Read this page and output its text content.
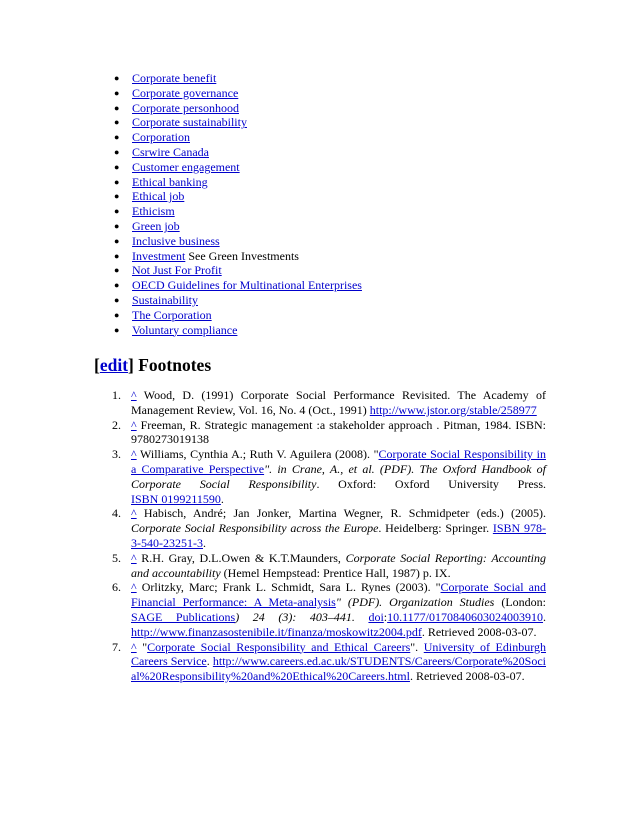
● Corporate benefit
● Corporate governance
● Corporate personhood
● Corporate sustainability
● Corporation
● Csrwire Canada
● Customer engagement
● Ethical banking
● Ethical job
● Ethicism
● Green job
● Inclusive business
● Investment See Green Investments
● Not Just For Profit
● OECD Guidelines for Multinational Enterprises
● Sustainability
● The Corporation
● Voluntary compliance
[edit] Footnotes
1. ^ Wood, D. (1991) Corporate Social Performance Revisited. The Academy of Management Review, Vol. 16, No. 4 (Oct., 1991) http://www.jstor.org/stable/258977
2. ^ Freeman, R. Strategic management :a stakeholder approach . Pitman, 1984. ISBN: 9780273019138
3. ^ Williams, Cynthia A.; Ruth V. Aguilera (2008). "Corporate Social Responsibility in a Comparative Perspective". in Crane, A., et al. (PDF). The Oxford Handbook of Corporate Social Responsibility. Oxford: Oxford University Press. ISBN 0199211590.
4. ^ Habisch, André; Jan Jonker, Martina Wegner, R. Schmidpeter (eds.) (2005). Corporate Social Responsibility across the Europe. Heidelberg: Springer. ISBN 978-3-540-23251-3.
5. ^ R.H. Gray, D.L.Owen & K.T.Maunders, Corporate Social Reporting: Accounting and accountability (Hemel Hempstead: Prentice Hall, 1987) p. IX.
6. ^ Orlitzky, Marc; Frank L. Schmidt, Sara L. Rynes (2003). "Corporate Social and Financial Performance: A Meta-analysis" (PDF). Organization Studies (London: SAGE Publications) 24 (3): 403–441. doi:10.1177/0170840603024003910. http://www.finanzasostenibile.it/finanza/moskowitz2004.pdf. Retrieved 2008-03-07.
7. ^ "Corporate Social Responsibility and Ethical Careers". University of Edinburgh Careers Service. http://www.careers.ed.ac.uk/STUDENTS/Careers/Corporate%20Social%20Responsibility%20and%20Ethical%20Careers.html. Retrieved 2008-03-07.
